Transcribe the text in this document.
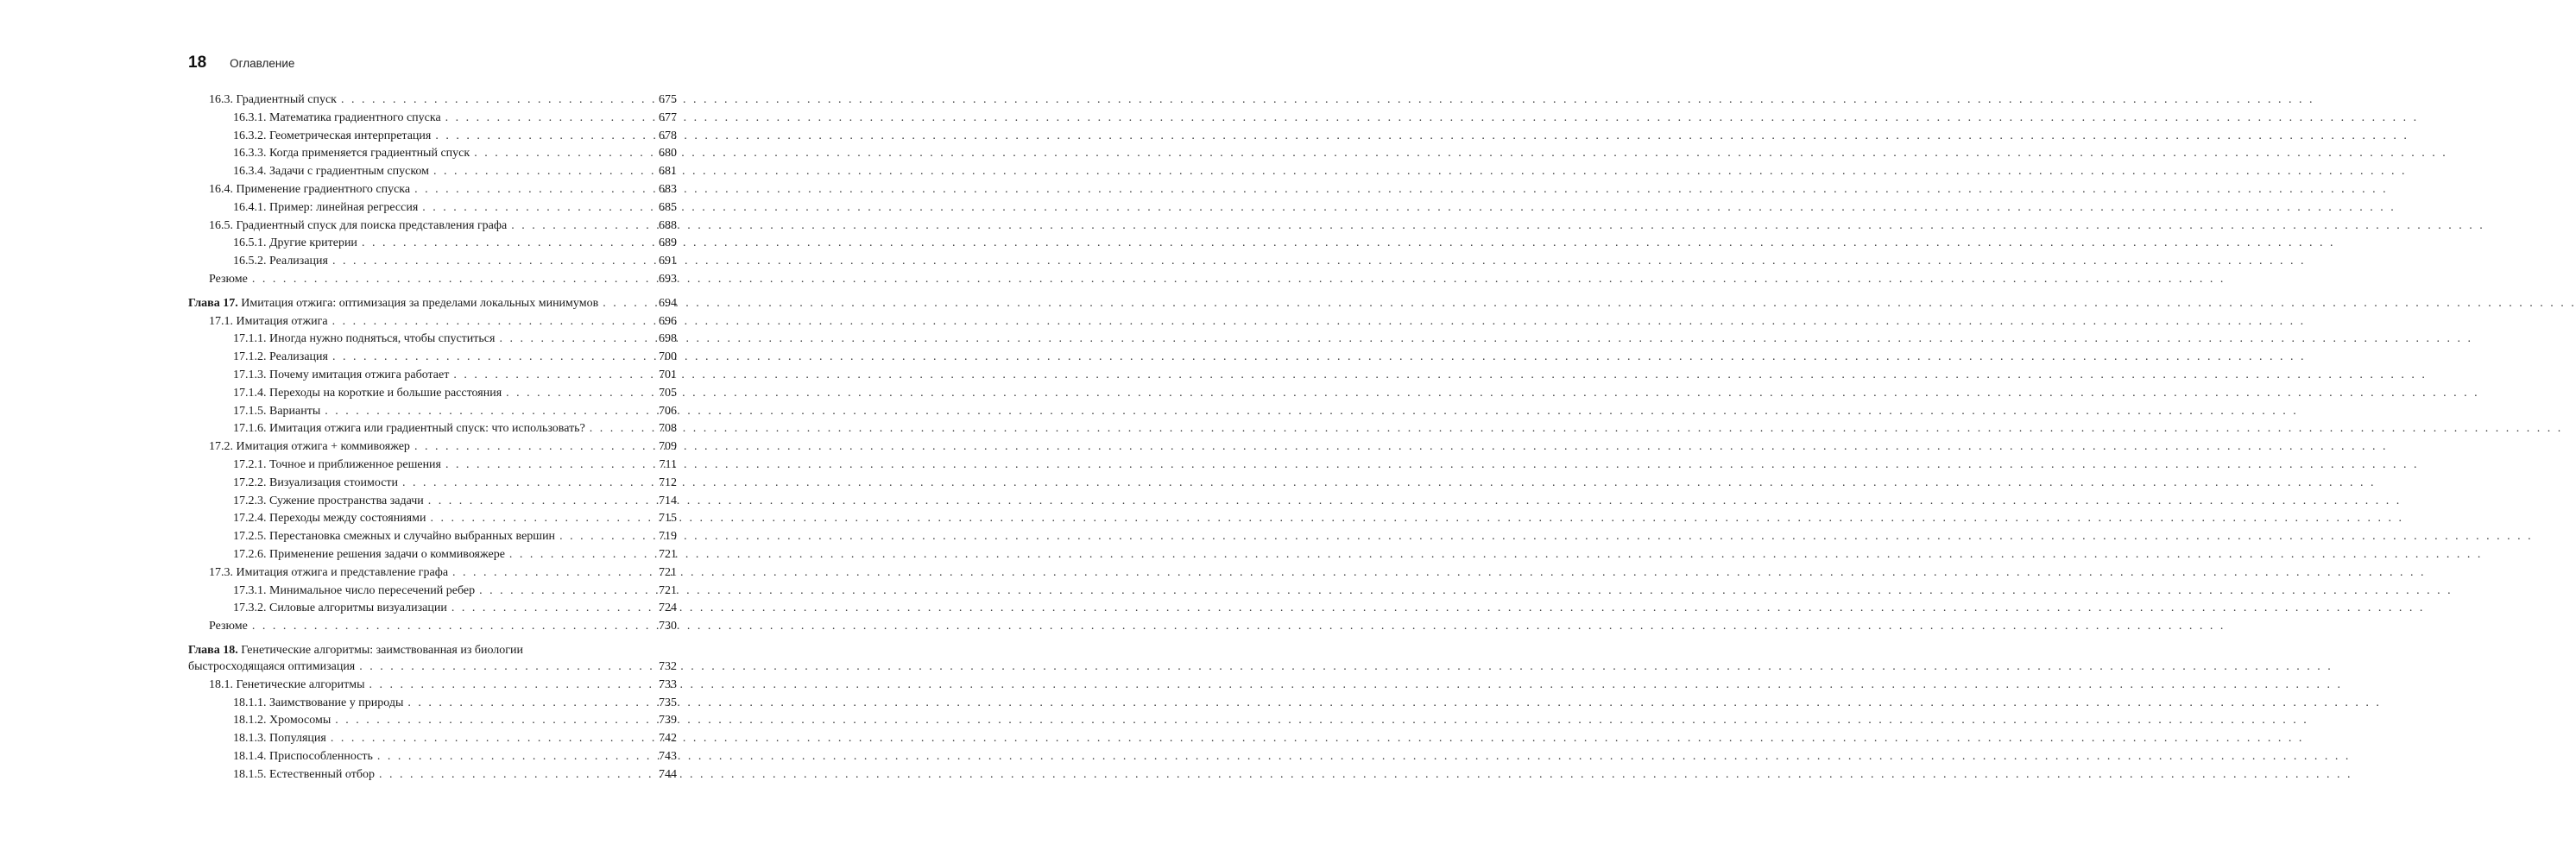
18 Оглавление
16.3. Градиентный спуск . . .	675
16.3.1. Математика градиентного спуска . . .	677
16.3.2. Геометрическая интерпретация . . .	678
16.3.3. Когда применяется градиентный спуск . . .	680
16.3.4. Задачи с градиентным спуском . . .	681
16.4. Применение градиентного спуска . . .	683
16.4.1. Пример: линейная регрессия . . .	685
16.5. Градиентный спуск для поиска представления графа . . .	688
16.5.1. Другие критерии . . .	689
16.5.2. Реализация . . .	691
Резюме . . .	693
Глава 17. Имитация отжига: оптимизация за пределами локальных минимумов . . .	694
17.1. Имитация отжига . . .	696
17.1.1. Иногда нужно подняться, чтобы спуститься . . .	698
17.1.2. Реализация . . .	700
17.1.3. Почему имитация отжига работает . . .	701
17.1.4. Переходы на короткие и большие расстояния . . .	705
17.1.5. Варианты . . .	706
17.1.6. Имитация отжига или градиентный спуск: что использовать? . . .	708
17.2. Имитация отжига + коммивояжер . . .	709
17.2.1. Точное и приближенное решения . . .	711
17.2.2. Визуализация стоимости . . .	712
17.2.3. Сужение пространства задачи . . .	714
17.2.4. Переходы между состояниями . . .	715
17.2.5. Перестановка смежных и случайно выбранных вершин . . .	719
17.2.6. Применение решения задачи о коммивояжере . . .	721
17.3. Имитация отжига и представление графа . . .	721
17.3.1. Минимальное число пересечений ребер . . .	721
17.3.2. Силовые алгоритмы визуализации . . .	724
Резюме . . .	730
Глава 18. Генетические алгоритмы: заимствованная из биологии
быстросходящаяся оптимизация . . .	732
18.1. Генетические алгоритмы . . .	733
18.1.1. Заимствование у природы . . .	735
18.1.2. Хромосомы . . .	739
18.1.3. Популяция . . .	742
18.1.4. Приспособленность . . .	743
18.1.5. Естественный отбор . . .	744
